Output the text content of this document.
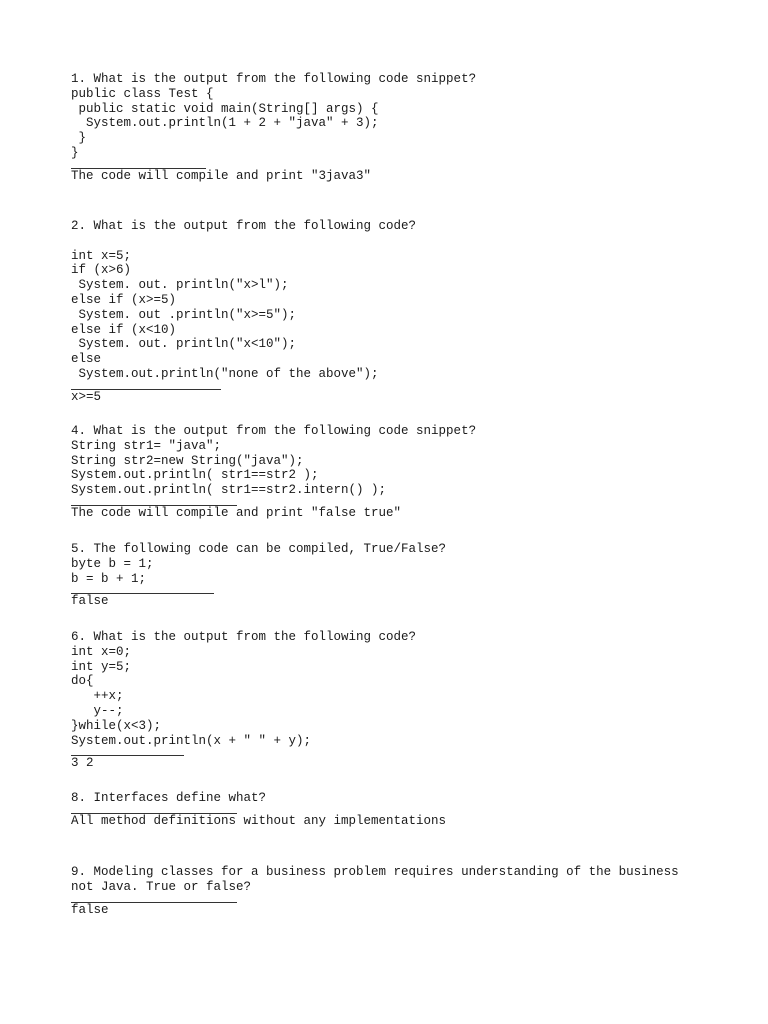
1. What is the output from the following code snippet?
public class Test {
public static void main(String[] args) {
System.out.println(1 + 2 + "java" + 3);
}
}
The code will compile and print "3java3"
2. What is the output from the following code?
int x=5;
if (x>6)
System. out. println("x>l");
else if (x>=5)
System. out .println("x>=5");
else if (x<10)
System. out. println("x<10");
else
System.out.println("none of the above");
x>=5
4. What is the output from the following code snippet?
String str1= "java";
String str2=new String("java");
System.out.println( str1==str2 );
System.out.println( str1==str2.intern() );
The code will compile and print "false true"
5. The following code can be compiled, True/False?
byte b = 1;
b = b + 1;
false
6. What is the output from the following code?
int x=0;
int y=5;
do{
++x;
y--;
}while(x<3);
System.out.println(x + " " + y);
3 2
8. Interfaces define what?
All method definitions without any implementations
9. Modeling classes for a business problem requires understanding of the business
not Java. True or false?
false
